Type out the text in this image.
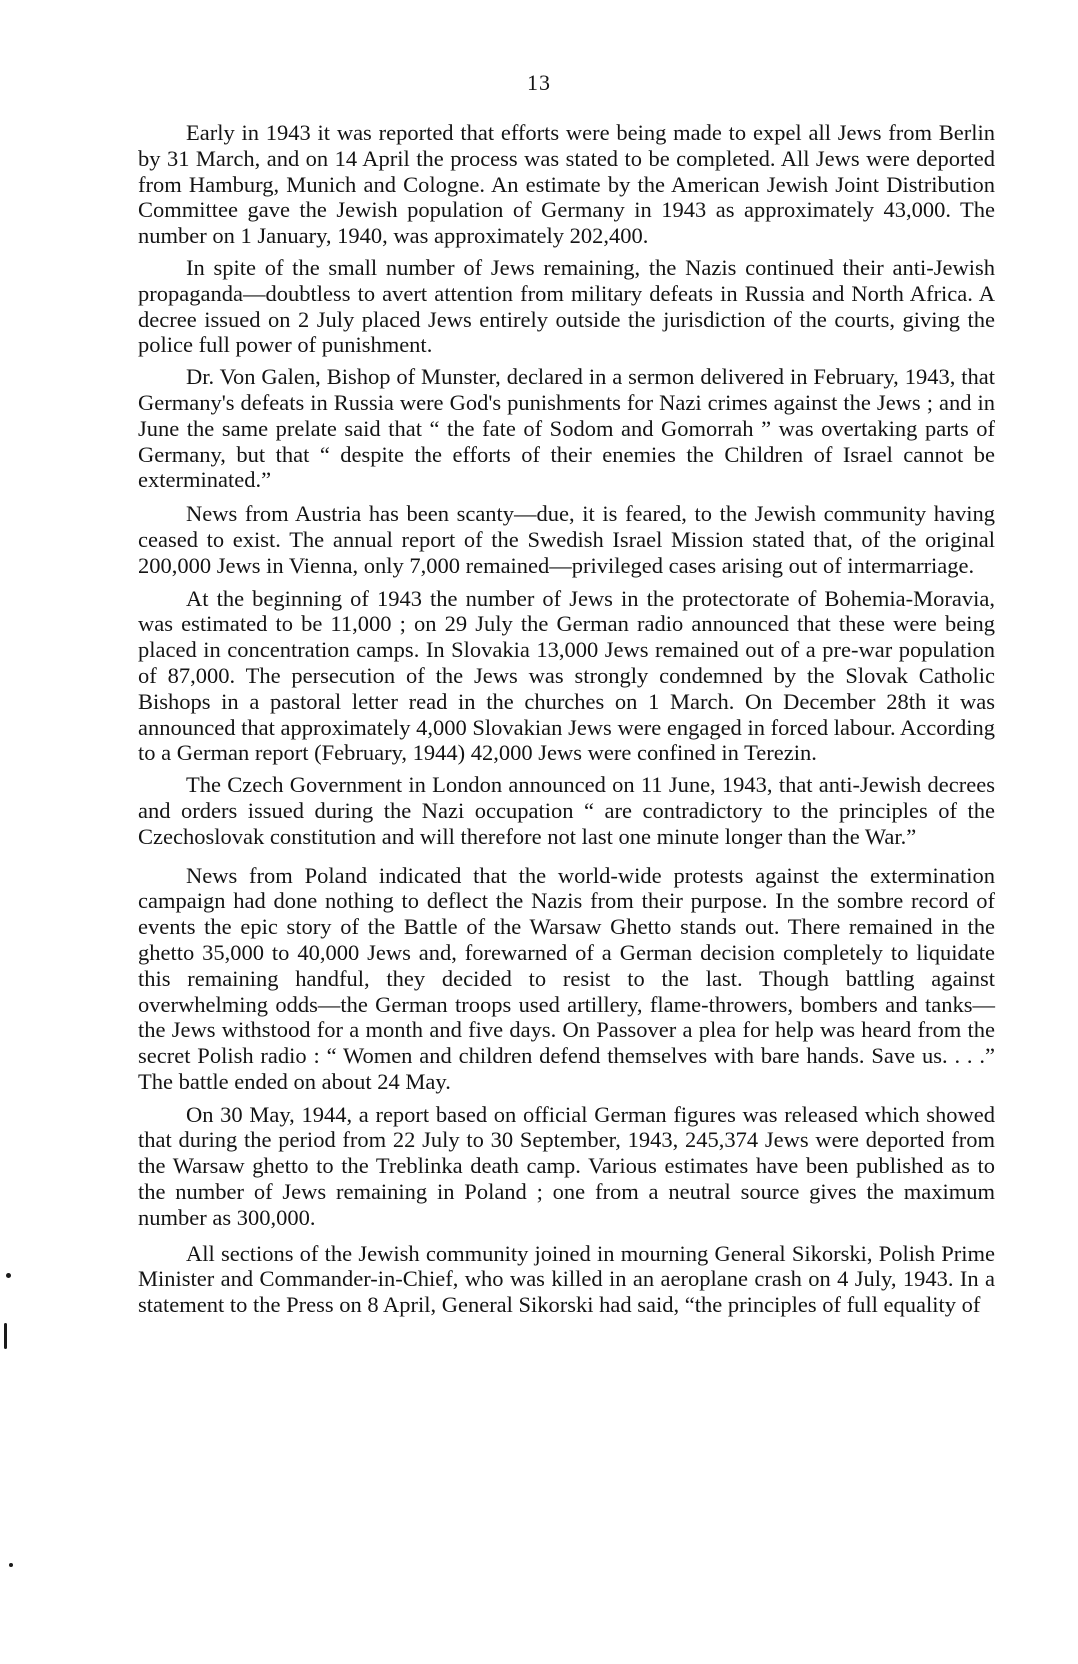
13

Early in 1943 it was reported that efforts were being made to expel all Jews from Berlin by 31 March, and on 14 April the process was stated to be completed. All Jews were deported from Hamburg, Munich and Cologne. An estimate by the American Jewish Joint Distribution Committee gave the Jewish population of Germany in 1943 as approximately 43,000. The number on 1 January, 1940, was approximately 202,400.

In spite of the small number of Jews remaining, the Nazis continued their anti-Jewish propaganda—doubtless to avert attention from military defeats in Russia and North Africa. A decree issued on 2 July placed Jews entirely outside the jurisdiction of the courts, giving the police full power of punishment.

Dr. Von Galen, Bishop of Munster, declared in a sermon delivered in February, 1943, that Germany's defeats in Russia were God's punishments for Nazi crimes against the Jews ; and in June the same prelate said that “ the fate of Sodom and Gomorrah ” was overtaking parts of Germany, but that “ despite the efforts of their enemies the Children of Israel cannot be exterminated.”

News from Austria has been scanty—due, it is feared, to the Jewish community having ceased to exist. The annual report of the Swedish Israel Mission stated that, of the original 200,000 Jews in Vienna, only 7,000 remained—privileged cases arising out of intermarriage.

At the beginning of 1943 the number of Jews in the protectorate of Bohemia-Moravia, was estimated to be 11,000 ; on 29 July the German radio announced that these were being placed in concentration camps. In Slovakia 13,000 Jews remained out of a pre-war population of 87,000. The persecution of the Jews was strongly condemned by the Slovak Catholic Bishops in a pastoral letter read in the churches on 1 March. On December 28th it was announced that approximately 4,000 Slovakian Jews were engaged in forced labour. According to a German report (February, 1944) 42,000 Jews were confined in Terezin.

The Czech Government in London announced on 11 June, 1943, that anti-Jewish decrees and orders issued during the Nazi occupation “ are contradictory to the principles of the Czechoslovak constitution and will therefore not last one minute longer than the War.”

News from Poland indicated that the world-wide protests against the extermination campaign had done nothing to deflect the Nazis from their purpose. In the sombre record of events the epic story of the Battle of the Warsaw Ghetto stands out. There remained in the ghetto 35,000 to 40,000 Jews and, forewarned of a German decision completely to liquidate this remaining handful, they decided to resist to the last. Though battling against overwhelming odds—the German troops used artillery, flame-throwers, bombers and tanks—the Jews withstood for a month and five days. On Passover a plea for help was heard from the secret Polish radio : “ Women and children defend themselves with bare hands. Save us. . . .” The battle ended on about 24 May.

On 30 May, 1944, a report based on official German figures was released which showed that during the period from 22 July to 30 September, 1943, 245,374 Jews were deported from the Warsaw ghetto to the Treblinka death camp. Various estimates have been published as to the number of Jews remaining in Poland ; one from a neutral source gives the maximum number as 300,000.

All sections of the Jewish community joined in mourning General Sikorski, Polish Prime Minister and Commander-in-Chief, who was killed in an aeroplane crash on 4 July, 1943. In a statement to the Press on 8 April, General Sikorski had said, “the principles of full equality of
